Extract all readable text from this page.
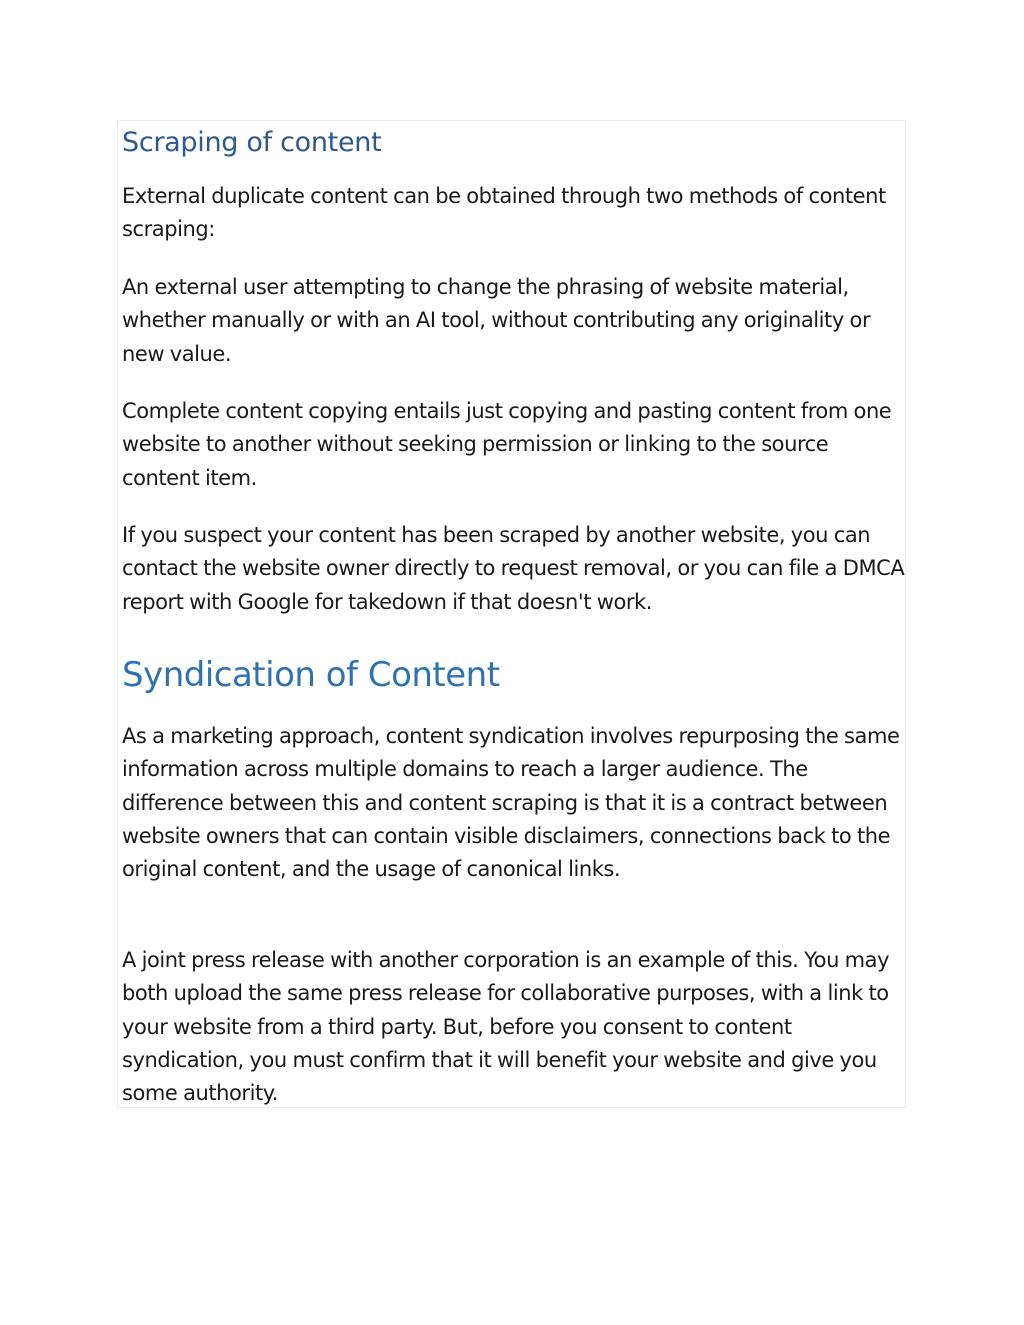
Scraping of content

External duplicate content can be obtained through two methods of content scraping:

An external user attempting to change the phrasing of website material, whether manually or with an AI tool, without contributing any originality or new value.

Complete content copying entails just copying and pasting content from one website to another without seeking permission or linking to the source content item.

If you suspect your content has been scraped by another website, you can contact the website owner directly to request removal, or you can file a DMCA report with Google for takedown if that doesn't work.

Syndication of Content

As a marketing approach, content syndication involves repurposing the same information across multiple domains to reach a larger audience. The difference between this and content scraping is that it is a contract between website owners that can contain visible disclaimers, connections back to the original content, and the usage of canonical links.

A joint press release with another corporation is an example of this. You may both upload the same press release for collaborative purposes, with a link to your website from a third party. But, before you consent to content syndication, you must confirm that it will benefit your website and give you some authority.
